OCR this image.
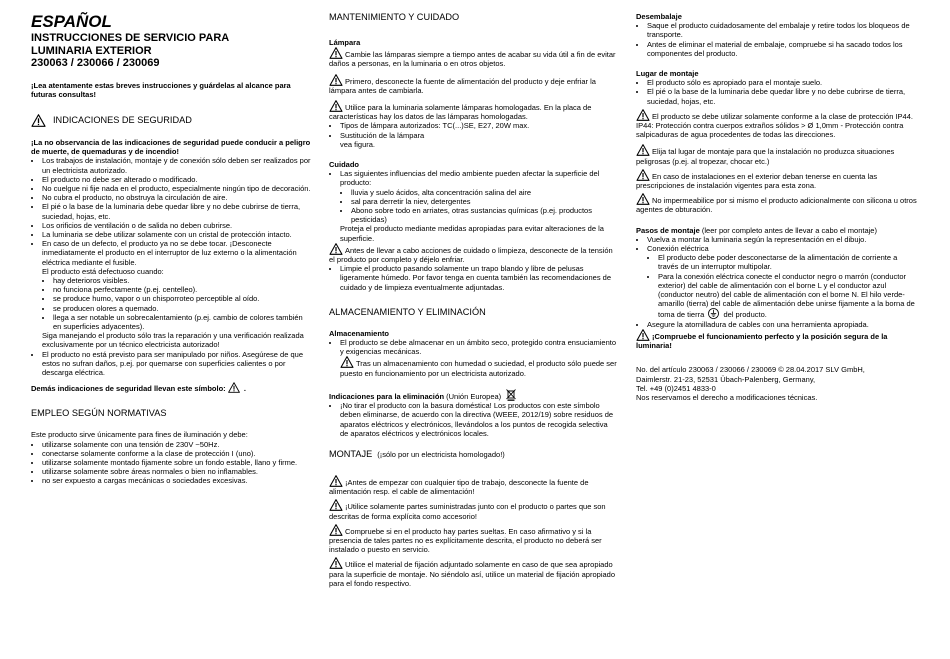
ESPAÑOL

INSTRUCCIONES DE SERVICIO PARA

LUMINARIA EXTERIOR

230063 / 230066 / 230069

¡Lea atentamente estas breves instrucciones y guárdelas al alcance para futuras consultas!

INDICACIONES DE SEGURIDAD

¡La no observancia de las indicaciones de seguridad puede conducir a peligro de muerte, de quemaduras y de incendio!

• Los trabajos de instalación, montaje y de conexión sólo deben ser realizados por un electricista autorizado.
• El producto no debe ser alterado o modificado.
• No cuelgue ni fije nada en el producto, especialmente ningún tipo de decoración.
• No cubra el producto, no obstruya la circulación de aire.
• El pié o la base de la luminaria debe quedar libre y no debe cubrirse de tierra, suciedad, hojas, etc.
• Los orificios de ventilación o de salida no deben cubrirse.
• La luminaria se debe utilizar solamente con un cristal de protección intacto.
• En caso de un defecto, el producto ya no se debe tocar. ¡Desconecte inmediatamente el producto en el interruptor de luz externo o la alimentación eléctrica mediante el fusible.

El producto está defectuoso cuando:

• hay deterioros visibles.
• no funciona perfectamente (p.ej. centelleo).
• se produce humo, vapor o un chisporroteo perceptible al oído.
• se producen olores a quemado.
• llega a ser notable un sobrecalentamiento (p.ej. cambio de colores también en superficies adyacentes).

Siga manejando el producto sólo tras la reparación y una verificación realizada exclusivamente por un técnico electricista autorizado!

• El producto no está previsto para ser manipulado por niños. Asegúrese de que estos no sufran daños, p.ej. por quemarse con superficies calientes o por descarga eléctrica.

Demás indicaciones de seguridad llevan este símbolo:  .

EMPLEO SEGÚN NORMATIVAS

Este producto sirve únicamente para fines de iluminación y debe:

• utilizarse solamente con una tensión de 230V ~50Hz.
• conectarse solamente conforme a la clase de protección I (uno).
• utilizarse solamente montado fijamente sobre un fondo estable, llano y firme.
• utilizarse solamente sobre áreas normales o bien no inflamables.
• no ser expuesto a cargas mecánicas o sociedades excesivas.

MANTENIMIENTO Y CUIDADO

Lámpara

Cambie las lámparas siempre a tiempo antes de acabar su vida útil a fin de evitar daños a personas, en la luminaria o en otros objetos.

Primero, desconecte la fuente de alimentación del producto y deje enfriar la lámpara antes de cambiarla.

Utilice para la luminaria solamente lámparas homologadas. En la placa de características hay los datos de las lámparas homologadas.

• Tipos de lámpara autorizados: TC(...)SE, E27, 20W max.
• Sustitución de la lámpara

vea figura.

Cuidado

• Las siguientes influencias del medio ambiente pueden afectar la superficie del producto:
• lluvia y suelo ácidos, alta concentración salina del aire
• sal para derretir la niev, detergentes
• Abono sobre todo en arriates, otras sustancias químicas (p.ej. productos pesticidas)

Proteja el producto mediante medidas apropiadas para evitar alteraciones de la superficie.

Antes de llevar a cabo acciones de cuidado o limpieza, desconecte de la tensión el producto por completo y déjelo enfriar.

• Limpie el producto pasando solamente un trapo blando y libre de pelusas ligeramente húmedo. Por favor tenga en cuenta también las recomendaciones de cuidado y de limpieza eventualmente adjuntadas.

ALMACENAMIENTO Y ELIMINACIÓN

Almacenamiento

• El producto se debe almacenar en un ámbito seco, protegido contra ensuciamiento y exigencias mecánicas.

Tras un almacenamiento con humedad o suciedad, el producto sólo puede ser puesto en funcionamiento por un electricista autorizado.

Indicaciones para la eliminación (Unión Europea)

• ¡No tirar el producto con la basura doméstica! Los productos con este símbolo deben eliminarse, de acuerdo con la directiva (WEEE, 2012/19) sobre residuos de aparatos eléctricos y electrónicos, llevándolos a los puntos de recogida selectiva de aparatos eléctricos y electrónicos locales.

MONTAJE (¡sólo por un electricista homologado!)

¡Antes de empezar con cualquier tipo de trabajo, desconecte la fuente de alimentación resp. el cable de alimentación!

¡Utilice solamente partes suministradas junto con el producto o partes que son descritas de forma explícita como accesorio!

Compruebe si en el producto hay partes sueltas. En caso afirmativo y si la presencia de tales partes no es explícitamente descrita, el producto no deberá ser instalado o puesto en servicio.

Utilice el material de fijación adjuntado solamente en caso de que sea apropiado para la superficie de montaje. No siéndolo así, utilice un material de fijación apropiado para el fondo respectivo.

Desembalaje

• Saque el producto cuidadosamente del embalaje y retire todos los bloqueos de transporte.
• Antes de eliminar el material de embalaje, compruebe si ha sacado todos los componentes del producto.

Lugar de montaje

• El producto sólo es apropiado para el montaje suelo.
• El pié o la base de la luminaria debe quedar libre y no debe cubrirse de tierra, suciedad, hojas, etc.

El producto se debe utilizar solamente conforme a la clase de protección IP44.

IP44: Protección contra cuerpos extraños sólidos > Ø 1,0mm - Protección contra salpicaduras de agua procedentes de todas las direcciones.

Elija tal lugar de montaje para que la instalación no produzca situaciones peligrosas (p.ej. al tropezar, chocar etc.)

En caso de instalaciones en el exterior deban tenerse en cuenta las prescripciones de instalación vigentes para esta zona.

No impermeabilice por si mismo el producto adicionalmente con silicona u otros agentes de obturación.

Pasos de montaje (leer por completo antes de llevar a cabo el montaje)

• Vuelva a montar la luminaria según la representación en el dibujo.
• Conexión eléctrica
• El producto debe poder desconectarse de la alimentación de corriente a través de un interruptor multipolar.
• Para la conexión eléctrica conecte el conductor negro o marrón (conductor exterior) del cable de alimentación con el borne L y el conductor azul (conductor neutro) del cable de alimentación con el borne N. El hilo verde-amarillo (tierra) del cable de alimentación debe unirse fijamente a la borna de toma de tierra	del producto.
• Asegure la atornilladura de cables con una herramienta apropiada.

¡Compruebe el funcionamiento perfecto y la posición segura de la luminaria!

No. del artículo 230063 / 230066 / 230069 © 28.04.2017 SLV GmbH,

Daimlerstr. 21-23, 52531 Übach-Palenberg, Germany,

Tel. +49 (0)2451 4833-0

Nos reservamos el derecho a modificaciones técnicas.
